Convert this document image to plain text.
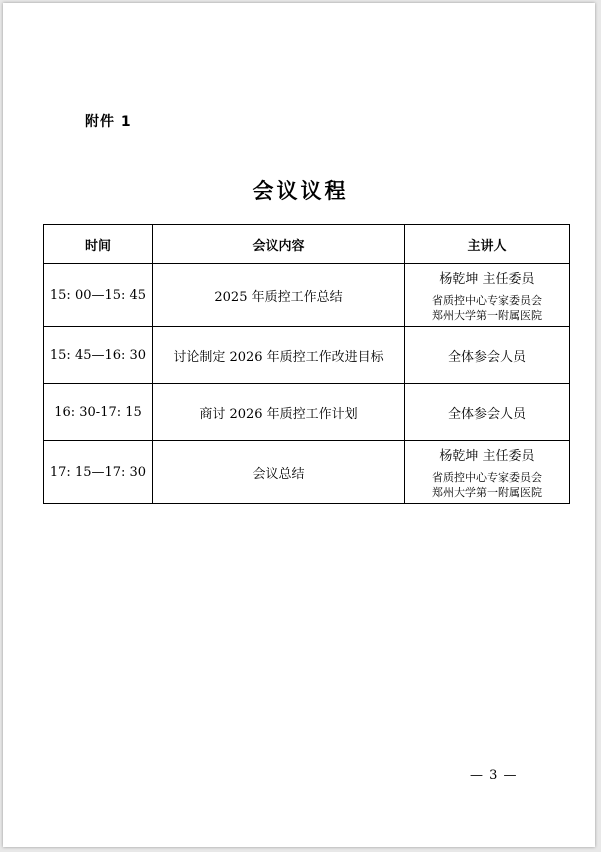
附件 1
会议议程
时间	会议内容	主讲人
15: 00—15: 45	2025 年质控工作总结	杨乾坤 主任委员
省质控中心专家委员会
郑州大学第一附属医院

15: 45—16: 30	讨论制定 2026 年质控工作改进目标	全体参会人员
16: 30-17: 15	商讨 2026 年质控工作计划	全体参会人员
17: 15—17: 30	会议总结	杨乾坤 主任委员
省质控中心专家委员会
郑州大学第一附属医院
— 3 —
